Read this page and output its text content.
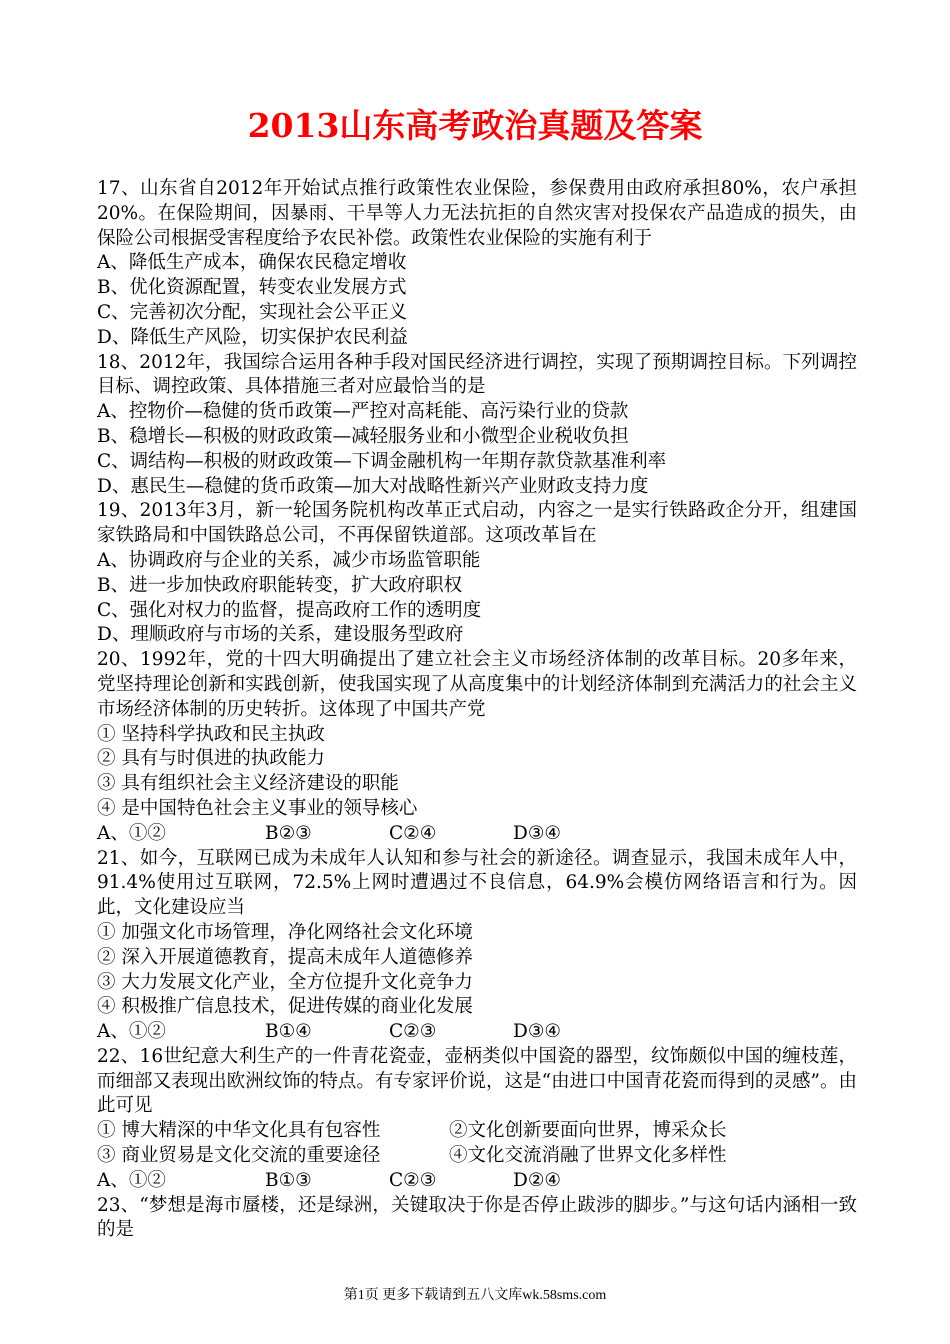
2013山东高考政治真题及答案
17、山东省自2012年开始试点推行政策性农业保险，参保费用由政府承担80%，农户承担20%。在保险期间，因暴雨、干旱等人力无法抗拒的自然灾害对投保农产品造成的损失，由保险公司根据受害程度给予农民补偿。政策性农业保险的实施有利于
A、降低生产成本，确保农民稳定增收
B、优化资源配置，转变农业发展方式
C、完善初次分配，实现社会公平正义
D、降低生产风险，切实保护农民利益
18、2012年，我国综合运用各种手段对国民经济进行调控，实现了预期调控目标。下列调控目标、调控政策、具体措施三者对应最恰当的是
A、控物价—稳健的货币政策—严控对高耗能、高污染行业的贷款
B、稳增长—积极的财政政策—减轻服务业和小微型企业税收负担
C、调结构—积极的财政政策—下调金融机构一年期存款贷款基准利率
D、惠民生—稳健的货币政策—加大对战略性新兴产业财政支持力度
19、2013年3月，新一轮国务院机构改革正式启动，内容之一是实行铁路政企分开，组建国家铁路局和中国铁路总公司，不再保留铁道部。这项改革旨在
A、协调政府与企业的关系，减少市场监管职能
B、进一步加快政府职能转变，扩大政府职权
C、强化对权力的监督，提高政府工作的透明度
D、理顺政府与市场的关系，建设服务型政府
20、1992年，党的十四大明确提出了建立社会主义市场经济体制的改革目标。20多年来，党坚持理论创新和实践创新，使我国实现了从高度集中的计划经济体制到充满活力的社会主义市场经济体制的历史转折。这体现了中国共产党
① 坚持科学执政和民主执政
② 具有与时俱进的执政能力
③ 具有组织社会主义经济建设的职能
④ 是中国特色社会主义事业的领导核心
A、①②	B②③	C②④	D③④
21、如今，互联网已成为未成年人认知和参与社会的新途径。调查显示，我国未成年人中，91.4%使用过互联网，72.5%上网时遭遇过不良信息，64.9%会模仿网络语言和行为。因此，文化建设应当
① 加强文化市场管理，净化网络社会文化环境
② 深入开展道德教育，提高未成年人道德修养
③ 大力发展文化产业，全方位提升文化竞争力
④ 积极推广信息技术，促进传媒的商业化发展
A、①②	B①④	C②③	D③④
22、16世纪意大利生产的一件青花瓷壶，壶柄类似中国瓷的器型，纹饰颇似中国的缠枝莲，而细部又表现出欧洲纹饰的特点。有专家评价说，这是“由进口中国青花瓷而得到的灵感”。由此可见
① 博大精深的中华文化具有包容性	②文化创新要面向世界，博采众长
③ 商业贸易是文化交流的重要途径	④文化交流消融了世界文化多样性
A、①②	B①③	C②③	D②④
23、“梦想是海市蜃楼，还是绿洲，关键取决于你是否停止跋涉的脚步。”与这句话内涵相一致的是
第1页 更多下载请到五八文库wk.58sms.com
